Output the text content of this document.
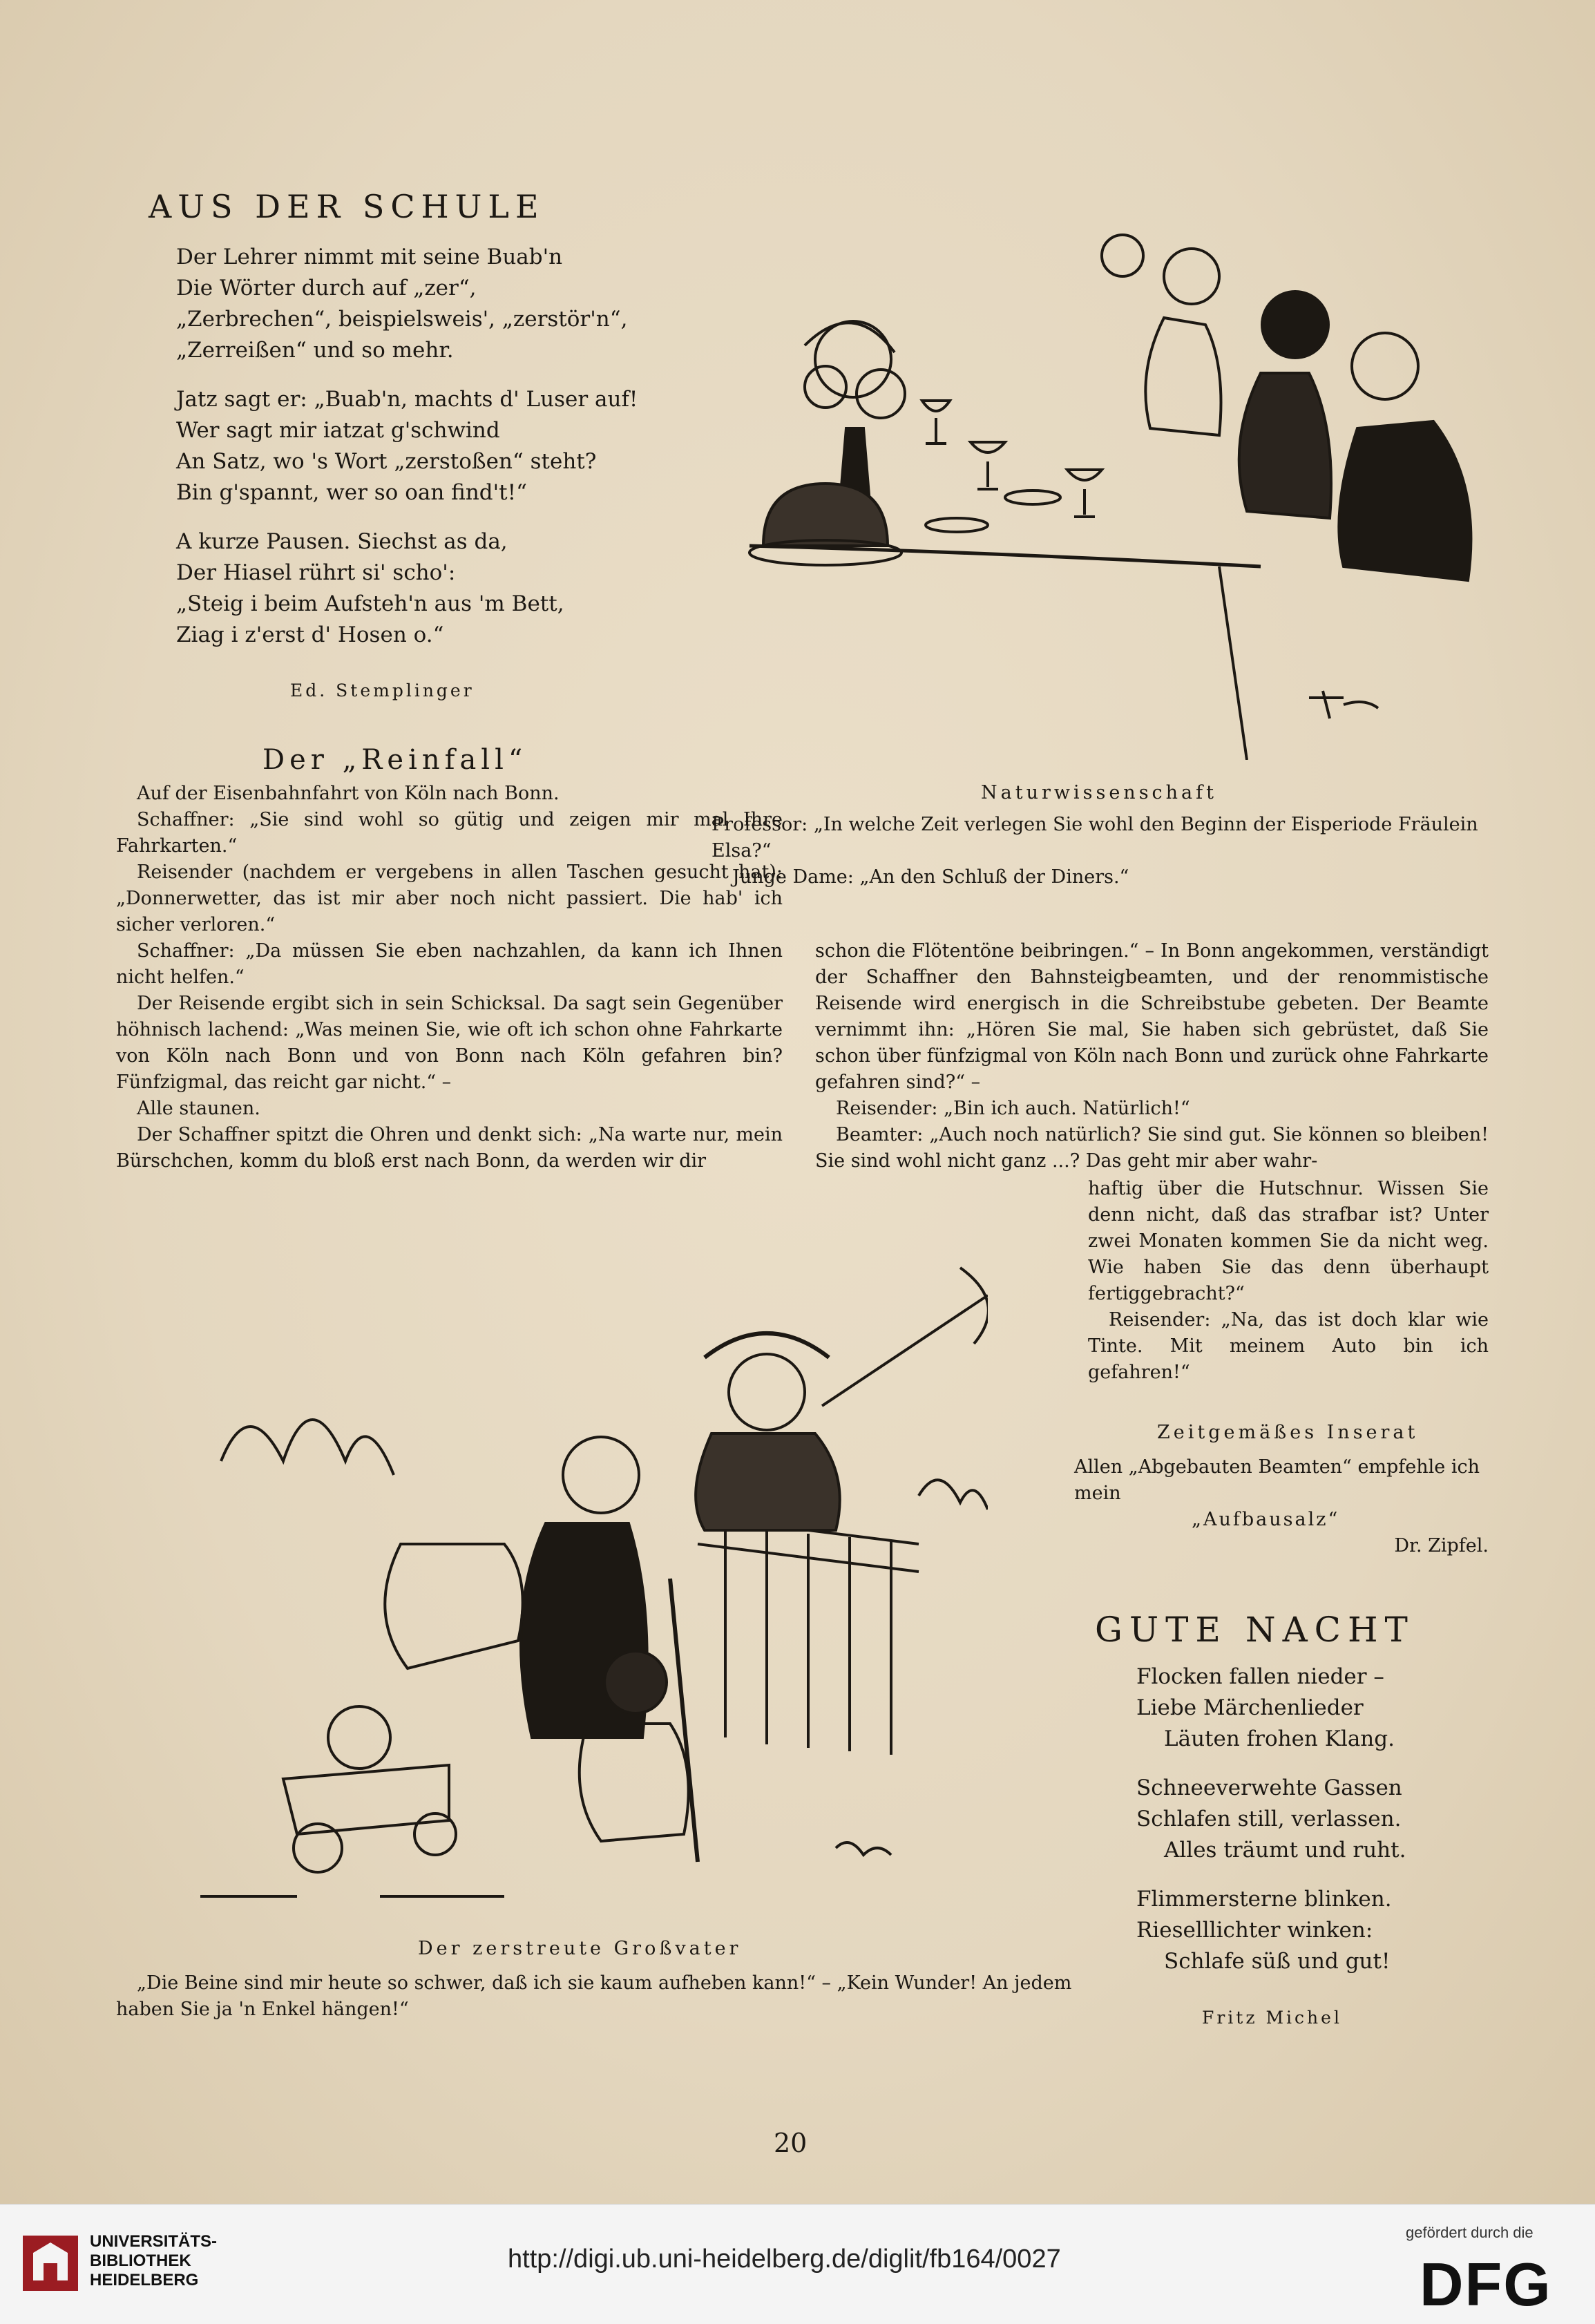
AUS DER SCHULE
Der Lehrer nimmt mit seine Buab'n
Die Wörter durch auf „zer“,
„Zerbrechen“, beispielsweis', „zerstör'n“,
„Zerreißen“ und so mehr.
Jatz sagt er: „Buab'n, machts d' Luser auf!
Wer sagt mir iatzat g'schwind
An Satz, wo 's Wort „zerstoßen“ steht?
Bin g'spannt, wer so oan find't!“
A kurze Pausen. Siechst as da,
Der Hiasel rührt si' scho':
„Steig i beim Aufsteh'n aus 'm Bett,
Ziag i z'erst d' Hosen o.“
Ed. Stemplinger
Der „Reinfall“

Auf der Eisenbahnfahrt von Köln nach Bonn.

Schaffner: „Sie sind wohl so gütig und zeigen mir mal Ihre Fahrkarten.“

Reisender (nachdem er vergebens in allen Taschen gesucht hat): „Donnerwetter, das ist mir aber noch nicht passiert. Die hab' ich sicher verloren.“

Schaffner: „Da müssen Sie eben nachzahlen, da kann ich Ihnen nicht helfen.“

Der Reisende ergibt sich in sein Schicksal. Da sagt sein Gegenüber höhnisch lachend: „Was meinen Sie, wie oft ich schon ohne Fahrkarte von Köln nach Bonn und von Bonn nach Köln gefahren bin? Fünfzigmal, das reicht gar nicht.“ –

Alle staunen.

Der Schaffner spitzt die Ohren und denkt sich: „Na warte nur, mein Bürschchen, komm du bloß erst nach Bonn, da werden wir dir

Naturwissenschaft

Professor: „In welche Zeit verlegen Sie wohl den Beginn der Eisperiode Fräulein Elsa?“

Junge Dame: „An den Schluß der Diners.“

schon die Flötentöne beibringen.“ – In Bonn angekommen, verständigt der Schaffner den Bahnsteigbeamten, und der renommistische Reisende wird energisch in die Schreibstube gebeten. Der Beamte vernimmt ihn: „Hören Sie mal, Sie haben sich gebrüstet, daß Sie schon über fünfzigmal von Köln nach Bonn und zurück ohne Fahrkarte gefahren sind?“ –

Reisender: „Bin ich auch. Natürlich!“

Beamter: „Auch noch natürlich? Sie sind gut. Sie können so bleiben! Sie sind wohl nicht ganz ...? Das geht mir aber wahr-

haftig über die Hutschnur. Wissen Sie denn nicht, daß das strafbar ist? Unter zwei Monaten kommen Sie da nicht weg. Wie haben Sie das denn überhaupt fertiggebracht?“

Reisender: „Na, das ist doch klar wie Tinte. Mit meinem Auto bin ich gefahren!“

Zeitgemäßes Inserat

Allen „Abgebauten Beamten“ empfehle ich mein

„Aufbausalz“

Dr. Zipfel.

GUTE NACHT
Flocken fallen nieder –
Liebe Märchenlieder
Läuten frohen Klang.
Schneeverwehte Gassen
Schlafen still, verlassen.
Alles träumt und ruht.
Flimmersterne blinken.
Rieselllichter winken:
Schlafe süß und gut!
Fritz Michel
Der zerstreute Großvater

„Die Beine sind mir heute so schwer, daß ich sie kaum aufheben kann!“ – „Kein Wunder! An jedem haben Sie ja 'n Enkel hängen!“

20
UNIVERSITÄTS-
BIBLIOTHEK
HEIDELBERG
http://digi.ub.uni-heidelberg.de/diglit/fb164/0027
gefördert durch die
DFG
